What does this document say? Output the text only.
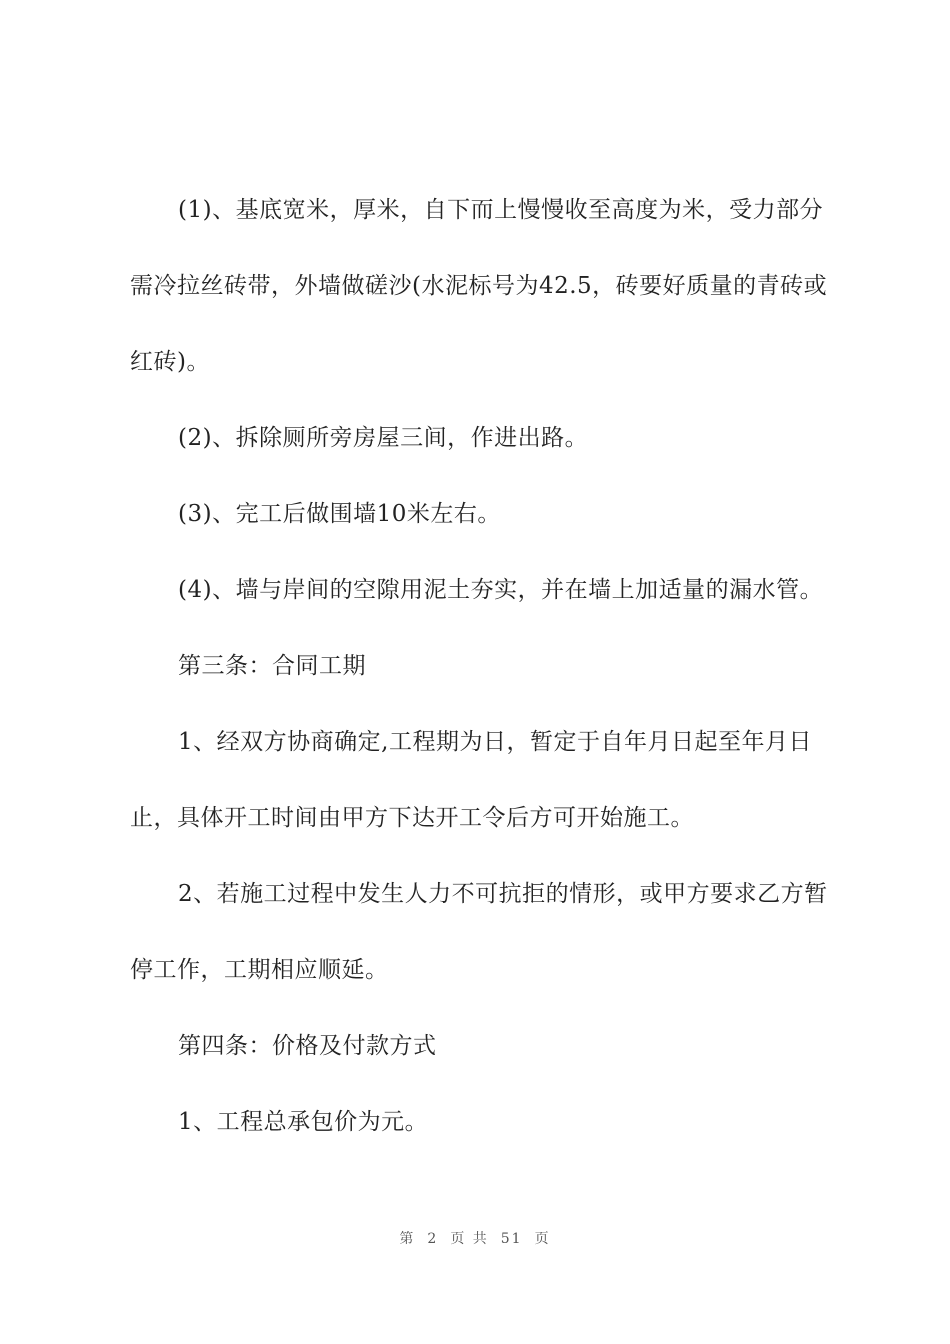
(1)、基底宽米，厚米，自下而上慢慢收至高度为米，受力部分需冷拉丝砖带，外墙做磋沙(水泥标号为42.5，砖要好质量的青砖或红砖)。

(2)、拆除厕所旁房屋三间，作进出路。

(3)、完工后做围墙10米左右。

(4)、墙与岸间的空隙用泥土夯实，并在墙上加适量的漏水管。

第三条：合同工期

1、经双方协商确定,工程期为日，暂定于自年月日起至年月日止，具体开工时间由甲方下达开工令后方可开始施工。

2、若施工过程中发生人力不可抗拒的情形，或甲方要求乙方暂停工作，工期相应顺延。

第四条：价格及付款方式

1、工程总承包价为元。

第 2 页 共 51 页
